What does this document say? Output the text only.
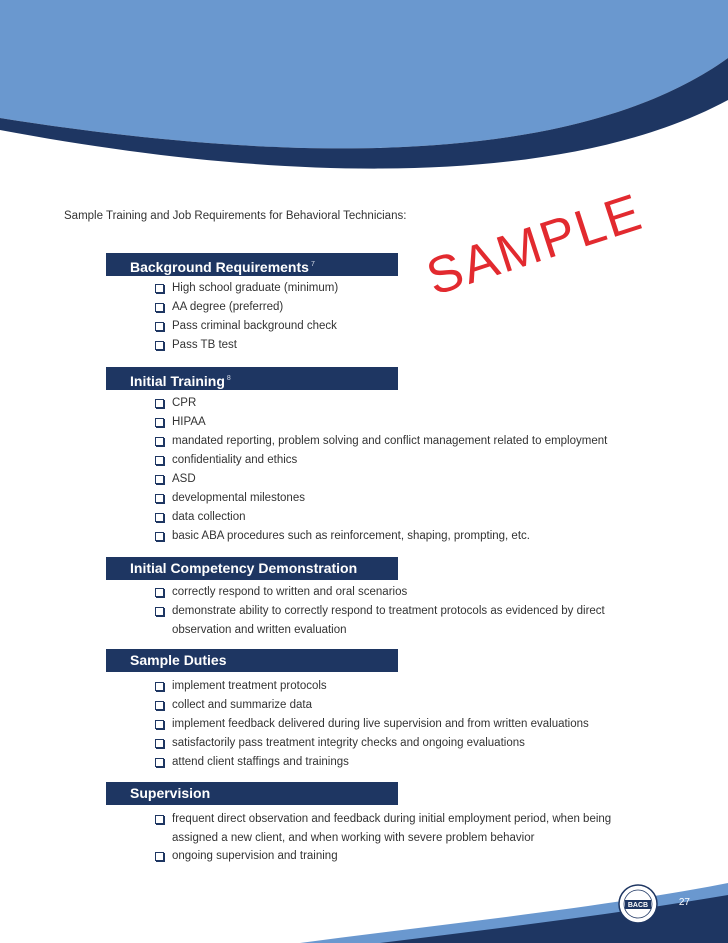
Sample Training and Job Requirements for Behavioral Technicians: SAMPLE
Background Requirements $^7$
High school graduate (minimum)
AA degree (preferred)
Pass criminal background check
Pass TB test
Initial Training $^8$
CPR
HIPAA
mandated reporting, problem solving and conflict management related to employment
confidentiality and ethics
ASD
developmental milestones
data collection
basic ABA procedures such as reinforcement, shaping, prompting, etc.
Initial Competency Demonstration
correctly respond to written and oral scenarios
demonstrate ability to correctly respond to treatment protocols as evidenced by direct
observation and written evaluation
Sample Duties
implement treatment protocols
collect and summarize data
implement feedback delivered during live supervision and from written evaluations
satisfactorily pass treatment integrity checks and ongoing evaluations
attend client staffings and trainings
Supervision
frequent direct observation and feedback during initial employment period, when being
assigned a new client, and when working with severe problem behavior
ongoing supervision and training
BACB	27
